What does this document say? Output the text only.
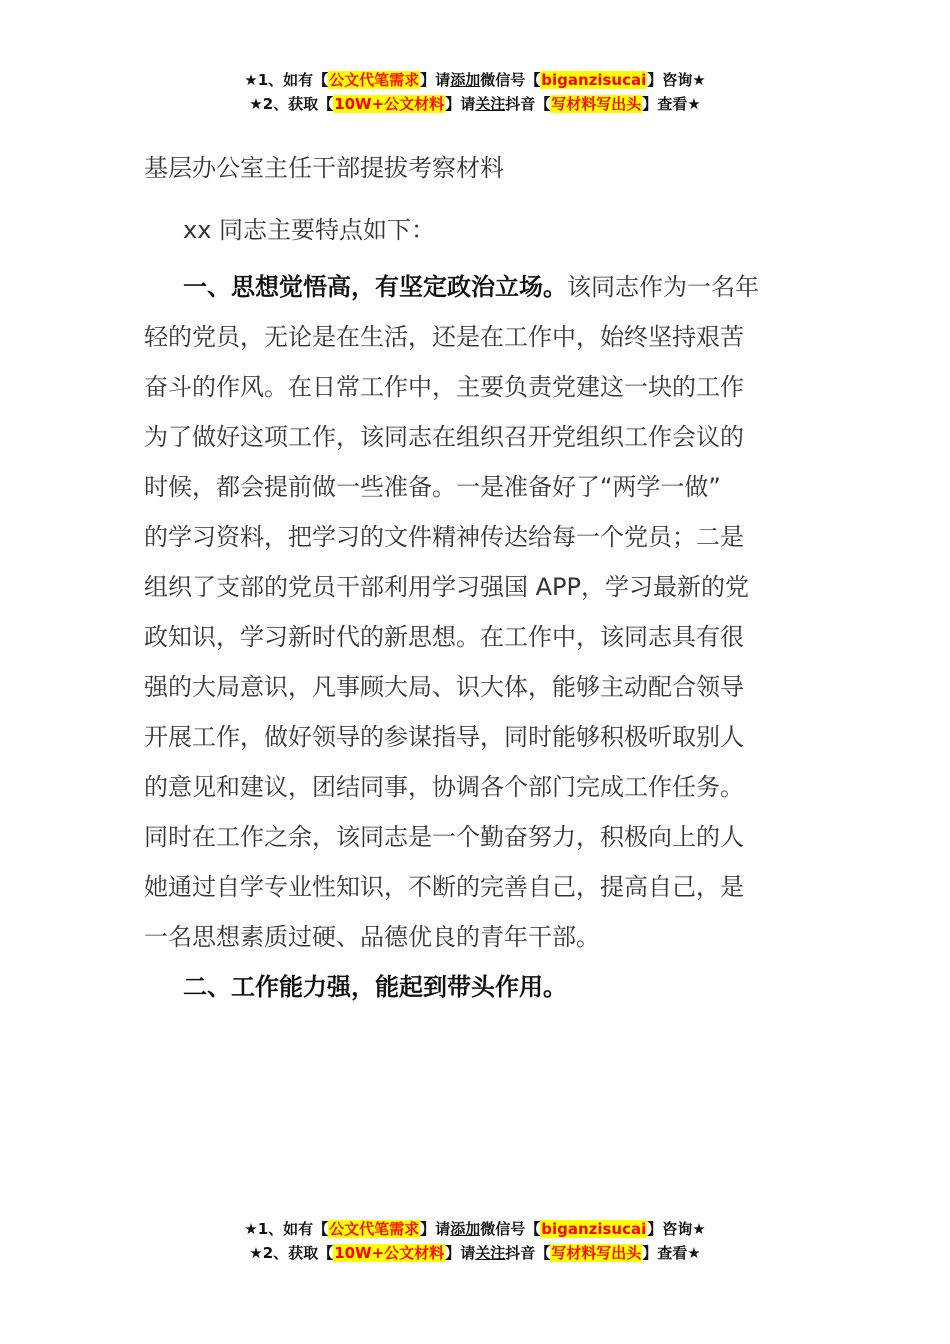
★1、如有【公文代笔需求】请添加微信号【biganzisucai】咨询★
★2、获取【10W+公文材料】请关注抖音【写材料写出头】查看★
基层办公室主任干部提拔考察材料
xx 同志主要特点如下：
一、思想觉悟高，有坚定政治立场。该同志作为一名年
轻的党员，无论是在生活，还是在工作中，始终坚持艰苦
奋斗的作风。在日常工作中，主要负责党建这一块的工作
为了做好这项工作，该同志在组织召开党组织工作会议的
时候，都会提前做一些准备。一是准备好了“两学一做”
的学习资料，把学习的文件精神传达给每一个党员；二是
组织了支部的党员干部利用学习强国 APP，学习最新的党
政知识，学习新时代的新思想。在工作中，该同志具有很
强的大局意识，凡事顾大局、识大体，能够主动配合领导
开展工作，做好领导的参谋指导，同时能够积极听取别人
的意见和建议，团结同事，协调各个部门完成工作任务。
同时在工作之余，该同志是一个勤奋努力，积极向上的人
她通过自学专业性知识，不断的完善自己，提高自己，是
一名思想素质过硬、品德优良的青年干部。
二、工作能力强，能起到带头作用。
★1、如有【公文代笔需求】请添加微信号【biganzisucai】咨询★
★2、获取【10W+公文材料】请关注抖音【写材料写出头】查看★
